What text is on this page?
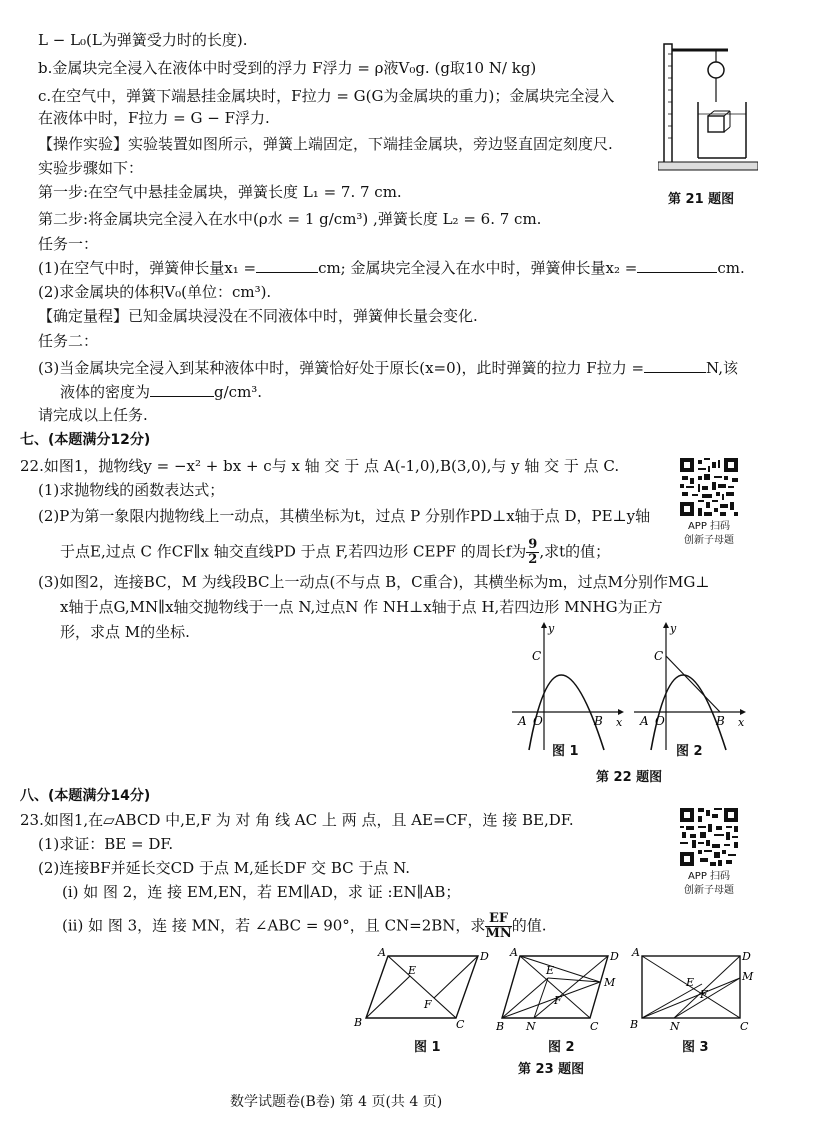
L − L₀(L为弹簧受力时的长度).
b.金属块完全浸入在液体中时受到的浮力 F浮力 = ρ液V₀g. (g取10 N/ kg)
c.在空气中，弹簧下端悬挂金属块时，F拉力 = G(G为金属块的重力)；金属块完全浸入
在液体中时，F拉力 = G − F浮力.
【操作实验】实验装置如图所示，弹簧上端固定，下端挂金属块，旁边竖直固定刻度尺.
实验步骤如下：
第一步:在空气中悬挂金属块，弹簧长度 L₁ = 7. 7 cm.
第二步:将金属块完全浸入在水中(ρ水 = 1 g/cm³) ,弹簧长度 L₂ = 6. 7 cm.
任务一：
(1)在空气中时，弹簧伸长量x₁ =	cm; 金属块完全浸入在水中时，弹簧伸长量x₂ =	cm.
(2)求金属块的体积V₀(单位：cm³).
【确定量程】已知金属块浸没在不同液体中时，弹簧伸长量会变化.
任务二：
(3)当金属块完全浸入到某种液体中时，弹簧恰好处于原长(x=0)，此时弹簧的拉力 F拉力 =	N,该
液体的密度为	g/cm³.
请完成以上任务.
第 21 题图
七、(本题满分12分)
22.如图1，抛物线y = −x² + bx + c与 x 轴 交 于 点 A(-1,0),B(3,0),与 y 轴 交 于 点 C.
(1)求抛物线的函数表达式；
(2)P为第一象限内抛物线上一动点，其横坐标为t，过点 P 分别作PD⊥x轴于点 D，PE⊥y轴
于点E,过点 C 作CF∥x 轴交直线PD 于点 F,若四边形 CEPF 的周长f为 $\frac{9}{2}$ ,求t的值；
(3)如图2，连接BC，M 为线段BC上一动点(不与点 B，C重合)，其横坐标为m，过点M分别作MG⊥
x轴于点G,MN∥x轴交抛物线于一点 N,过点N 作 NH⊥x轴于点 H,若四边形 MNHG为正方
形，求点 M的坐标.
APP 扫码
创新子母题
y
x
C
A O	B
y
x
C
A O	B
图 1	图 2
第 22 题图
八、(本题满分14分)
23.如图1,在▱ABCD 中,E,F 为 对 角 线 AC 上 两 点，且 AE=CF，连 接 BE,DF.
(1)求证：BE = DF.
(2)连接BF并延长交CD 于点 M,延长DF 交 BC 于点 N.
(i) 如 图 2，连 接 EM,EN，若 EM∥AD，求 证 :EN∥AB；
(ii) 如 图 3，连 接 MN，若 ∠ABC = 90°，且 CN=2BN，求 $\frac{EF}{MN}$ 的值.
APP 扫码
创新子母题
A	D
B	C
E
F
A	D
B	C
E
F
M
N
A	D
B	C
E
F
M
N
图 1	图 2	图 3
第 23 题图
数学试题卷(B卷) 第 4 页(共 4 页)
